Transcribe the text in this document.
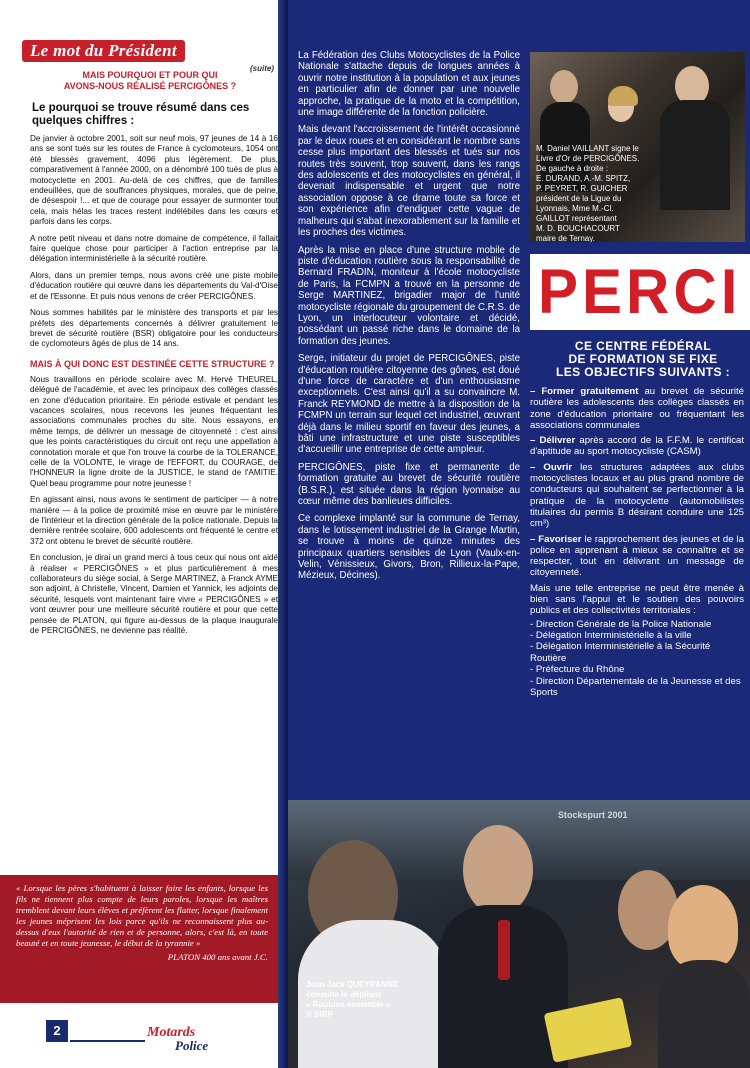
Le mot du Président
(suite)
MAIS POURQUOI ET POUR QUI
AVONS-NOUS RÉALISÉ PERCIGÔNES ?
Le pourquoi se trouve résumé dans ces quelques chiffres :

De janvier à octobre 2001, soit sur neuf mois, 97 jeunes de 14 à 16 ans se sont tués sur les routes de France à cyclomoteurs, 1054 ont été blessés gravement, 4096 plus légèrement. De plus, comparativement à l'année 2000, on a dénombré 100 tués de plus à motocyclette en 2001. Au-delà de ces chiffres, que de familles endeuillées, que de souffrances physiques, morales, que de peine, de désespoir !... et que de courage pour essayer de surmonter tout cela, mais hélas les traces restent indélébiles dans les cœurs et parfois dans les corps.

A notre petit niveau et dans notre domaine de compétence, il fallait faire quelque chose pour participer à l'action entreprise par la délégation interministérielle à la sécurité routière.

Alors, dans un premier temps, nous avons créé une piste mobile d'éducation routière qui œuvre dans les départements du Val-d'Oise et de l'Essonne. Et puis nous venons de créer PERCIGÔNES.

Nous sommes habilités par le ministère des transports et par les préfets des départements concernés à délivrer gratuitement le brevet de sécurité routière (BSR) obligatoire pour les conducteurs de cyclomoteurs âgés de plus de 14 ans.

MAIS À QUI DONC EST DESTINÉE CETTE STRUCTURE ?

Nous travaillons en période scolaire avec M. Hervé THEUREL, délégué de l'académie, et avec les principaux des collèges classés en zone d'éducation prioritaire. En période estivale et pendant les vacances scolaires, nous recevons les jeunes fréquentant les associations communales proches du site. Nous essayons, en même temps, de délivrer un message de citoyenneté : c'est ainsi que les points caractéristiques du circuit ont reçu une appellation à connotation morale et que l'on trouve la courbe de la TOLERANCE, celle de la VOLONTE, le virage de l'EFFORT, du COURAGE, de l'HONNEUR la ligne droite de la JUSTICE, le stand de l'AMITIE. Quel beau programme pour notre jeunesse !

En agissant ainsi, nous avons le sentiment de participer — à notre manière — à la police de proximité mise en œuvre par le ministère de l'intérieur et la direction générale de la police nationale. Depuis la dernière rentrée scolaire, 600 adolescents ont fréquenté le centre et 372 ont obtenu le brevet de sécurité routière.

En conclusion, je dirai un grand merci à tous ceux qui nous ont aidé à réaliser « PERCIGÔNES » et plus particulièrement à mes collaborateurs du siège social, à Serge MARTINEZ, à Franck AYME son adjoint, à Christelle, Vincent, Damien et Yannick, les adjoints de sécurité, lesquels vont maintenant faire vivre « PERCIGÔNES » et vont œuvrer pour une meilleure sécurité routière et pour que cette pensée de PLATON, qui figure au-dessus de la plaque inaugurale de PERCIGÔNES, ne devienne pas réalité.

« Lorsque les pères s'habituent à laisser faire les enfants, lorsque les fils ne tiennent plus compte de leurs paroles, lorsque les maîtres tremblent devant leurs élèves et préfèrent les flatter, lorsque finalement les jeunes méprisent les lois parce qu'ils ne reconnaissent plus au-dessus d'eux l'autorité de rien et de personne, alors, c'est là, en toute beauté et en toute jeunesse, le début de la tyrannie »

PLATON 400 ans avant J.C.

2	Motards
Police

La Fédération des Clubs Motocyclistes de la Police Nationale s'attache depuis de longues années à ouvrir notre institution à la population et aux jeunes en particulier afin de donner par une nouvelle approche, la pratique de la moto et la compétition, une image différente de la fonction policière.

Mais devant l'accroissement de l'intérêt occasionné par le deux roues et en considérant le nombre sans cesse plus important des blessés et tués sur nos routes très souvent, trop souvent, dans les rangs des adolescents et des motocyclistes en général, il devenait indispensable et urgent que notre association oppose à ce drame toute sa force et son expérience afin d'endiguer cette vague de malheurs qui s'abat inexorablement sur la famille et les proches des victimes.

Après la mise en place d'une structure mobile de piste d'éducation routière sous la responsabilité de Bernard FRADIN, moniteur à l'école motocycliste de Paris, la FCMPN a trouvé en la personne de Serge MARTINEZ, brigadier major de l'unité motocycliste régionale du groupement de C.R.S. de Lyon, un interlocuteur volontaire et décidé, possédant un passé riche dans le domaine de la formation des jeunes.

Serge, initiateur du projet de PERCIGÔNES, piste d'éducation routière citoyenne des gônes, est doué d'une force de caractère et d'un enthousiasme exceptionnels. C'est ainsi qu'il a su convaincre M. Franck REYMOND de mettre à la disposition de la FCMPN un terrain sur lequel cet industriel, œuvrant déjà dans le milieu sportif en faveur des jeunes, a bâti une infrastructure et une piste susceptibles d'accueillir une entreprise de cette ampleur.

PERCIGÔNES, piste fixe et permanente de formation gratuite au brevet de sécurité routière (B.S.R.), est située dans la région lyonnaise au cœur même des banlieues difficiles.

Ce complexe implanté sur la commune de Ternay, dans le lotissement industriel de la Grange Martin, se trouve à moins de quinze minutes des principaux quartiers sensibles de Lyon (Vaulx-en-Velin, Vénissieux, Givors, Bron, Rillieux-la-Pape, Mézieux, Décines).

M. Daniel VAILLANT signe le
Livre d'Or de PERCIGÔNES.
De gauche à droite :
E. DURAND, A.-M. SPITZ,
P. PEYRET, R. GUICHER
président de la Ligue du
Lyonnais, Mme M.-Cl.
GAILLOT représentant
M. D. BOUCHACOURT
maire de Ternay.
PERCI
CE CENTRE FÉDÉRAL
DE FORMATION SE FIXE
LES OBJECTIFS SUIVANTS :
– Former gratuitement au brevet de sécurité routière les adolescents des collèges classés en zone d'éducation prioritaire ou fréquentant les associations communales
– Délivrer après accord de la F.F.M. le certificat d'aptitude au sport motocycliste (CASM)
– Ouvrir les structures adaptées aux clubs motocyclistes locaux et au plus grand nombre de conducteurs qui souhaitent se perfectionner à la pratique de la motocyclette (automobilistes titulaires du permis B désirant conduire une 125 cm³)
– Favoriser le rapprochement des jeunes et de la police en apprenant à mieux se connaître et se respecter, tout en délivrant un message de citoyenneté.
Mais une telle entreprise ne peut être menée à bien sans l'appui et le soutien des pouvoirs publics et des collectivités territoriales :
- Direction Générale de la Police Nationale
- Délégation Interministérielle à la ville
- Délégation Interministérielle à la Sécurité Routière
- Préfecture du Rhône
- Direction Départementale de la Jeunesse et des Sports
Stockspurt 2001
Jean-Jack QUEYRANNE
consulte le dépliant
« Roulons ensemble »
© SIRP
